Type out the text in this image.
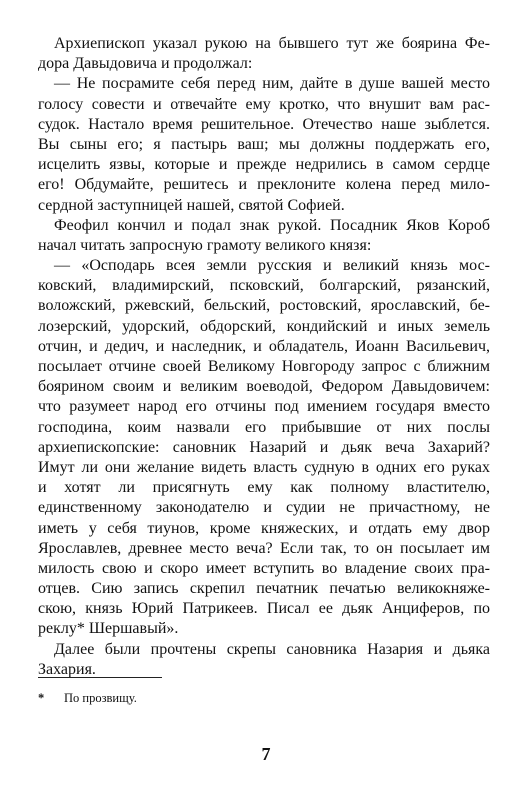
Архиепископ указал рукою на бывшего тут же боярина Фе-
дора Давыдовича и продолжал:
— Не посрамите себя перед ним, дайте в душе вашей место
голосу совести и отвечайте ему кротко, что внушит вам рас-
судок. Настало время решительное. Отечество наше зыблется.
Вы сыны его; я пастырь ваш; мы должны поддержать его,
исцелить язвы, которые и прежде недрились в самом сердце
его! Обдумайте, решитесь и преклоните колена перед мило-
сердной заступницей нашей, святой Софией.
Феофил кончил и подал знак рукой. Посадник Яков Короб
начал читать запросную грамоту великого князя:
— «Осподарь всея земли русския и великий князь мос-
ковский, владимирский, псковский, болгарский, рязанский,
воложский, ржевский, бельский, ростовский, ярославский, бе-
лозерский, удорский, обдорский, кондийский и иных земель
отчин, и дедич, и наследник, и обладатель, Иоанн Васильевич,
посылает отчине своей Великому Новгороду запрос с ближним
боярином своим и великим воеводой, Федором Давыдовичем:
что разумеет народ его отчины под имением государя вместо
господина, коим назвали его прибывшие от них послы
архиепископские: сановник Назарий и дьяк веча Захарий?
Имут ли они желание видеть власть судную в одних его руках
и хотят ли присягнуть ему как полному властителю,
единственному законодателю и судии не причастному, не
иметь у себя тиунов, кроме княжеских, и отдать ему двор
Ярославлев, древнее место веча? Если так, то он посылает им
милость свою и скоро имеет вступить во владение своих пра-
отцев. Сию запись скрепил печатник печатью великокняже-
скою, князь Юрий Патрикеев. Писал ее дьяк Анциферов, по
реклу* Шершавый».
Далее были прочтены скрепы сановника Назария и дьяка
Захария.
* По прозвищу.
7
